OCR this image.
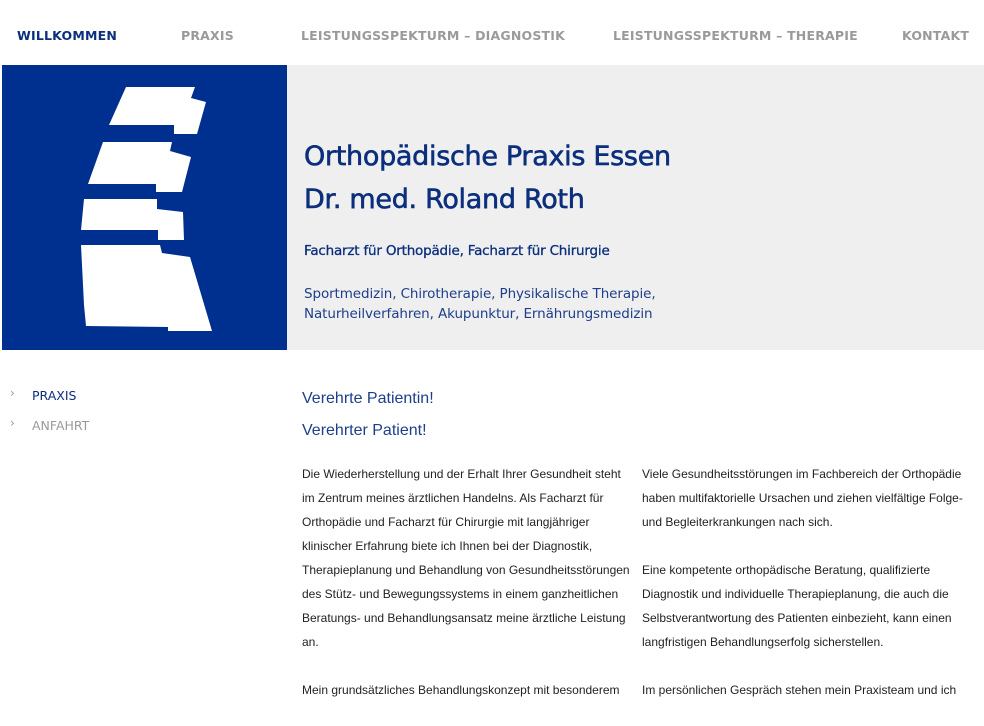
WILLKOMMEN	PRAXIS	LEISTUNGSSPEKTURM – DIAGNOSTIK	LEISTUNGSSPEKTURM – THERAPIE	KONTAKT
Orthopädische Praxis Essen
Dr. med. Roland Roth
Facharzt für Orthopädie, Facharzt für Chirurgie
Sportmedizin, Chirotherapie, Physikalische Therapie,
Naturheilverfahren, Akupunktur, Ernährungsmedizin
› PRAXIS
› ANFAHRT
Verehrte Patientin!
Verehrter Patient!

Die Wiederherstellung und der Erhalt Ihrer Gesundheit steht im Zentrum meines ärztlichen Handelns. Als Facharzt für Orthopädie und Facharzt für Chirurgie mit langjähriger klinischer Erfahrung biete ich Ihnen bei der Diagnostik, Therapieplanung und Behandlung von Gesundheitsstörungen des Stütz- und Bewegungssystems in einem ganzheitlichen Beratungs- und Behandlungsansatz meine ärztliche Leistung an.

Mein grundsätzliches Behandlungskonzept mit besonderem

Viele Gesundheitsstörungen im Fachbereich der Orthopädie haben multifaktorielle Ursachen und ziehen vielfältige Folge- und Begleiterkrankungen nach sich.

Eine kompetente orthopädische Beratung, qualifizierte Diagnostik und individuelle Therapieplanung, die auch die Selbstverantwortung des Patienten einbezieht, kann einen langfristigen Behandlungserfolg sicherstellen.

Im persönlichen Gespräch stehen mein Praxisteam und ich
